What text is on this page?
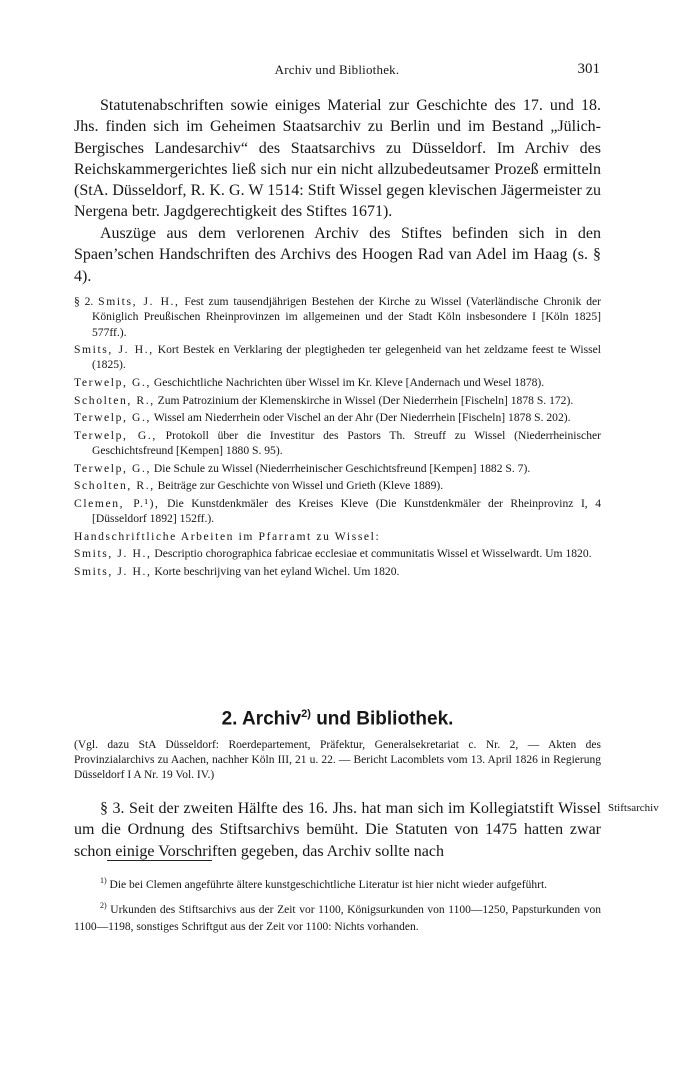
Archiv und Bibliothek.	301

Statutenabschriften sowie einiges Material zur Geschichte des 17. und 18. Jhs. finden sich im Geheimen Staatsarchiv zu Berlin und im Bestand „Jülich-Bergisches Landesarchiv“ des Staatsarchivs zu Düsseldorf. Im Archiv des Reichskammergerichtes ließ sich nur ein nicht allzubedeutsamer Prozeß ermitteln (StA. Düsseldorf, R. K. G. W 1514: Stift Wissel gegen klevischen Jägermeister zu Nergena betr. Jagdgerechtigkeit des Stiftes 1671).

Auszüge aus dem verlorenen Archiv des Stiftes befinden sich in den Spaen’schen Handschriften des Archivs des Hoogen Rad van Adel im Haag (s. § 4).

§ 2. Smits, J. H., Fest zum tausendjährigen Bestehen der Kirche zu Wissel (Vaterländische Chronik der Königlich Preußischen Rheinprovinzen im allgemeinen und der Stadt Köln insbesondere I [Köln 1825] 577ff.).
Smits, J. H., Kort Bestek en Verklaring der plegtigheden ter gelegenheid van het zeldzame feest te Wissel (1825).
Terwelp, G., Geschichtliche Nachrichten über Wissel im Kr. Kleve [Andernach und Wesel 1878).
Scholten, R., Zum Patrozinium der Klemenskirche in Wissel (Der Niederrhein [Fischeln] 1878 S. 172).
Terwelp, G., Wissel am Niederrhein oder Vischel an der Ahr (Der Niederrhein [Fischeln] 1878 S. 202).
Terwelp, G., Protokoll über die Investitur des Pastors Th. Streuff zu Wissel (Niederrheinischer Geschichtsfreund [Kempen] 1880 S. 95).
Terwelp, G., Die Schule zu Wissel (Niederrheinischer Geschichtsfreund [Kempen] 1882 S. 7).
Scholten, R., Beiträge zur Geschichte von Wissel und Grieth (Kleve 1889).
Clemen, P.¹), Die Kunstdenkmäler des Kreises Kleve (Die Kunstdenkmäler der Rheinprovinz I, 4 [Düsseldorf 1892] 152ff.).
Handschriftliche Arbeiten im Pfarramt zu Wissel:
Smits, J. H., Descriptio chorographica fabricae ecclesiae et communitatis Wissel et Wisselwardt. Um 1820.
Smits, J. H., Korte beschrijving van het eyland Wichel. Um 1820.
2. Archiv$^{2)}$ und Bibliothek.

(Vgl. dazu StA Düsseldorf: Roerdepartement, Präfektur, Generalsekretariat c. Nr. 2, — Akten des Provinzialarchivs zu Aachen, nachher Köln III, 21 u. 22. — Bericht Lacomblets vom 13. April 1826 in Regierung Düsseldorf I A Nr. 19 Vol. IV.)

§ 3. Seit der zweiten Hälfte des 16. Jhs. hat man sich im Kollegiatstift Wissel um die Ordnung des Stiftsarchivs bemüht. Die Statuten von 1475 hatten zwar schon einige Vorschriften gegeben, das Archiv sollte nach

Stiftsarchiv

$^{1)}$ Die bei Clemen angeführte ältere kunstgeschichtliche Literatur ist hier nicht wieder aufgeführt.

$^{2)}$ Urkunden des Stiftsarchivs aus der Zeit vor 1100, Königsurkunden von 1100—1250, Papsturkunden von 1100—1198, sonstiges Schriftgut aus der Zeit vor 1100: Nichts vorhanden.
